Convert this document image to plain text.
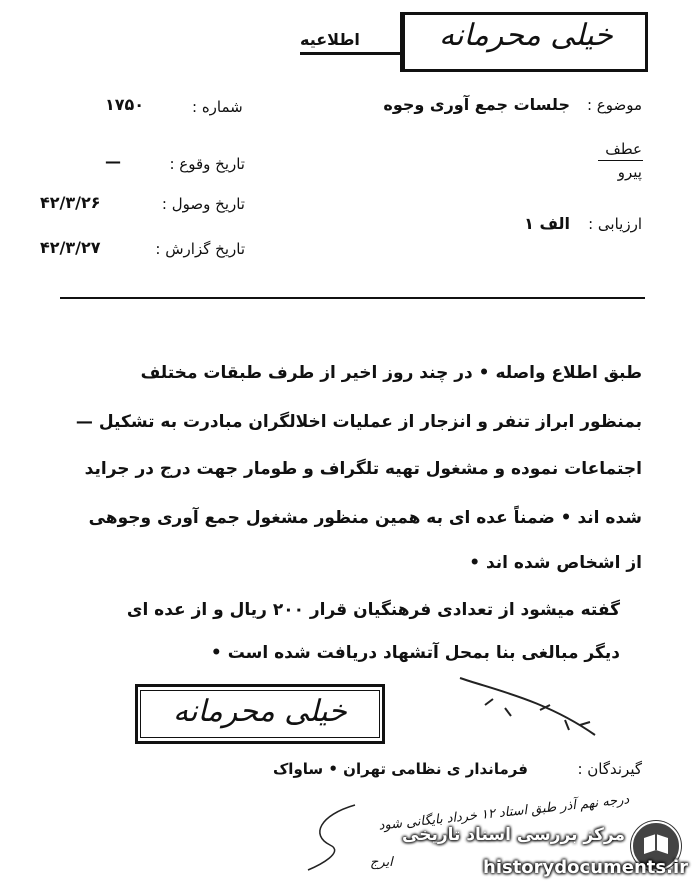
خیلی محرمانه
اطلاعیه
موضوع :
جلسات جمع آوری وجوه
شماره :
۱۷۵۰
عطف
پیرو
تاریخ وقوع :
—
تاریخ وصول :
۴۲/۳/۲۶
تاریخ گزارش :
۴۲/۳/۲۷
ارزیابی :
الف ۱
طبق اطلاع واصله • در چند روز اخیر از طرف طبقات مختلف
بمنظور ابراز تنفر و انزجار از عملیات اخلالگران مبادرت به تشکیل —
اجتماعات نموده و مشغول تهیه تلگراف و طومار جهت درج در جراید
شده اند • ضمناً عده ای به همین منظور مشغول جمع آوری وجوهی
از اشخاص شده اند •
گفته میشود از تعدادی فرهنگیان قرار ۲۰۰ ریال و از عده ای
دیگر مبالغی بنا بمحل آتشهاد دریافت شده است •
خیلی محرمانه
گیرندگان :  فرماندار ی نظامی تهران • ساواک
درجه نهم آذر طبق استاد ۱۲ خرداد بایگانی شود
ایرج
مرکز بررسی اسناد تاریخی
historydocuments.ir
